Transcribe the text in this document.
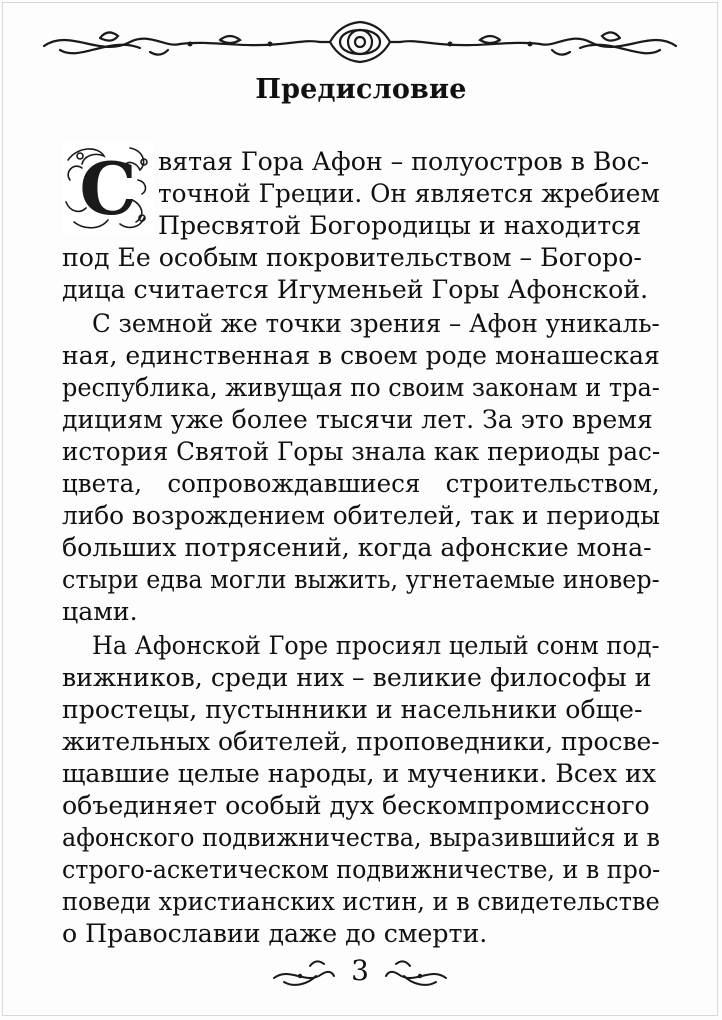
Предисловие
С вятая Гора Афон – полуостров в Вос-
точной Греции. Он является жребием
Пресвятой Богородицы и находится
под Ее особым покровительством – Богоро-
дица считается Игуменьей Горы Афонской.
С земной же точки зрения – Афон уникаль-
ная, единственная в своем роде монашеская
республика, живущая по своим законам и тра-
дициям уже более тысячи лет. За это время
история Святой Горы знала как периоды рас-
цвета, сопровождавшиеся строительством,
либо возрождением обителей, так и периоды
больших потрясений, когда афонские мона-
стыри едва могли выжить, угнетаемые иновер-
цами.
На Афонской Горе просиял целый сонм под-
вижников, среди них – великие философы и
простецы, пустынники и насельники обще-
жительных обителей, проповедники, просве-
щавшие целые народы, и мученики. Всех их
объединяет особый дух бескомпромиссного
афонского подвижничества, выразившийся и в
строго-аскетическом подвижничестве, и в про-
поведи христианских истин, и в свидетельстве
о Православии даже до смерти.
3
